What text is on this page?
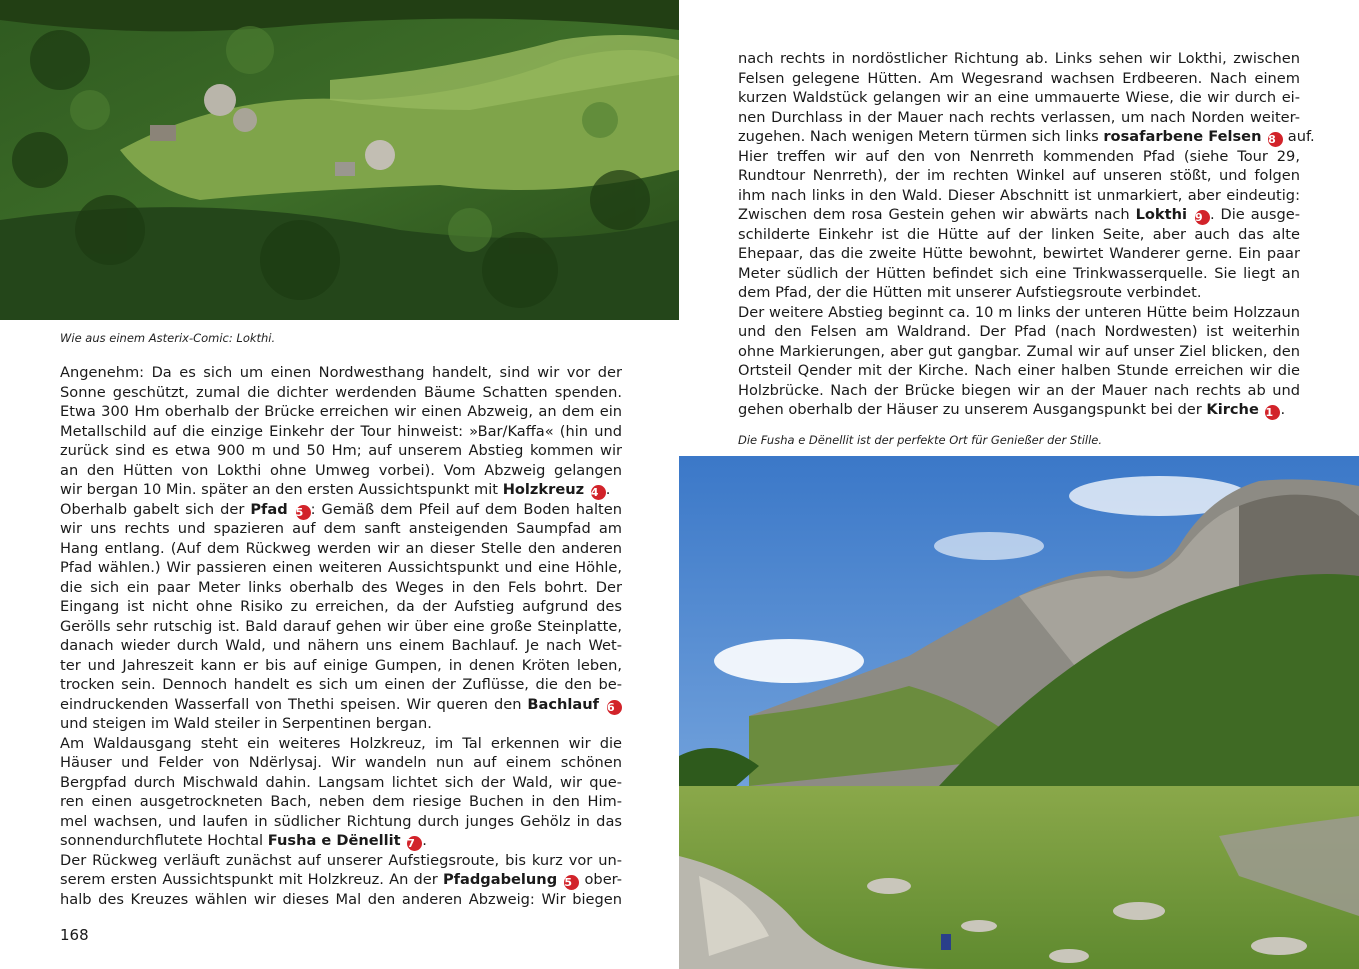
Wie aus einem Asterix-Comic: Lokthi.
Angenehm: Da es sich um einen Nordwesthang handelt, sind wir vor der
Sonne geschützt, zumal die dichter werdenden Bäume Schatten spenden.
Etwa 300 Hm oberhalb der Brücke erreichen wir einen Abzweig, an dem ein
Metallschild auf die einzige Einkehr der Tour hinweist: »Bar/Kaffa« (hin und
zurück sind es etwa 900 m und 50 Hm; auf unserem Abstieg kommen wir
an den Hütten von Lokthi ohne Umweg vorbei). Vom Abzweig gelangen
wir bergan 10 Min. später an den ersten Aussichtspunkt mit Holzkreuz 4 .
Oberhalb gabelt sich der Pfad 5 : Gemäß dem Pfeil auf dem Boden halten
wir uns rechts und spazieren auf dem sanft ansteigenden Saumpfad am
Hang entlang. (Auf dem Rückweg werden wir an dieser Stelle den anderen
Pfad wählen.) Wir passieren einen weiteren Aussichtspunkt und eine Höhle,
die sich ein paar Meter links oberhalb des Weges in den Fels bohrt. Der
Eingang ist nicht ohne Risiko zu erreichen, da der Aufstieg aufgrund des
Gerölls sehr rutschig ist. Bald darauf gehen wir über eine große Steinplatte,
danach wieder durch Wald, und nähern uns einem Bachlauf. Je nach Wet-
ter und Jahreszeit kann er bis auf einige Gumpen, in denen Kröten leben,
trocken sein. Dennoch handelt es sich um einen der Zuflüsse, die den be-
eindruckenden Wasserfall von Thethi speisen. Wir queren den Bachlauf 6
und steigen im Wald steiler in Serpentinen bergan.
Am Waldausgang steht ein weiteres Holzkreuz, im Tal erkennen wir die
Häuser und Felder von Ndërlysaj. Wir wandeln nun auf einem schönen
Bergpfad durch Mischwald dahin. Langsam lichtet sich der Wald, wir que-
ren einen ausgetrockneten Bach, neben dem riesige Buchen in den Him-
mel wachsen, und laufen in südlicher Richtung durch junges Gehölz in das
sonnendurchflutete Hochtal Fusha e Dënellit 7 .
Der Rückweg verläuft zunächst auf unserer Aufstiegsroute, bis kurz vor un-
serem ersten Aussichtspunkt mit Holzkreuz. An der Pfadgabelung 5 ober-
halb des Kreuzes wählen wir dieses Mal den anderen Abzweig: Wir biegen
168
nach rechts in nordöstlicher Richtung ab. Links sehen wir Lokthi, zwischen
Felsen gelegene Hütten. Am Wegesrand wachsen Erdbeeren. Nach einem
kurzen Waldstück gelangen wir an eine ummauerte Wiese, die wir durch ei-
nen Durchlass in der Mauer nach rechts verlassen, um nach Norden weiter-
zugehen. Nach wenigen Metern türmen sich links rosafarbene Felsen 8 auf.
Hier treffen wir auf den von Nenrreth kommenden Pfad (siehe Tour 29,
Rundtour Nenrreth), der im rechten Winkel auf unseren stößt, und folgen
ihm nach links in den Wald. Dieser Abschnitt ist unmarkiert, aber eindeutig:
Zwischen dem rosa Gestein gehen wir abwärts nach Lokthi 9 . Die ausge-
schilderte Einkehr ist die Hütte auf der linken Seite, aber auch das alte
Ehepaar, das die zweite Hütte bewohnt, bewirtet Wanderer gerne. Ein paar
Meter südlich der Hütten befindet sich eine Trinkwasserquelle. Sie liegt an
dem Pfad, der die Hütten mit unserer Aufstiegsroute verbindet.
Der weitere Abstieg beginnt ca. 10 m links der unteren Hütte beim Holzzaun
und den Felsen am Waldrand. Der Pfad (nach Nordwesten) ist weiterhin
ohne Markierungen, aber gut gangbar. Zumal wir auf unser Ziel blicken, den
Ortsteil Qender mit der Kirche. Nach einer halben Stunde erreichen wir die
Holzbrücke. Nach der Brücke biegen wir an der Mauer nach rechts ab und
gehen oberhalb der Häuser zu unserem Ausgangspunkt bei der Kirche 1 .
Die Fusha e Dënellit ist der perfekte Ort für Genießer der Stille.
